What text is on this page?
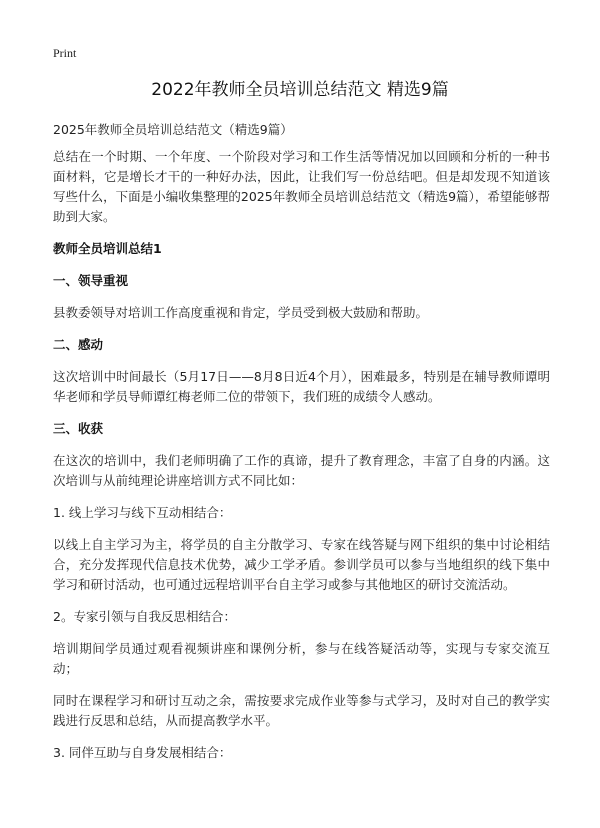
Print
2022年教师全员培训总结范文 精选9篇

2025年教师全员培训总结范文（精选9篇）

总结在一个时期、一个年度、一个阶段对学习和工作生活等情况加以回顾和分析的一种书面材料，它是增长才干的一种好办法，因此，让我们写一份总结吧。但是却发现不知道该写些什么，下面是小编收集整理的2025年教师全员培训总结范文（精选9篇），希望能够帮助到大家。

教师全员培训总结1

一、领导重视

县教委领导对培训工作高度重视和肯定，学员受到极大鼓励和帮助。

二、感动

这次培训中时间最长（5月17日——8月8日近4个月），困难最多，特别是在辅导教师谭明华老师和学员导师谭红梅老师二位的带领下，我们班的成绩令人感动。

三、收获

在这次的培训中，我们老师明确了工作的真谛，提升了教育理念，丰富了自身的内涵。这次培训与从前纯理论讲座培训方式不同比如：

1. 线上学习与线下互动相结合：

以线上自主学习为主，将学员的自主分散学习、专家在线答疑与网下组织的集中讨论相结合，充分发挥现代信息技术优势，减少工学矛盾。参训学员可以参与当地组织的线下集中学习和研讨活动，也可通过远程培训平台自主学习或参与其他地区的研讨交流活动。

2。专家引领与自我反思相结合：

培训期间学员通过观看视频讲座和课例分析，参与在线答疑活动等，实现与专家交流互动；

同时在课程学习和研讨互动之余，需按要求完成作业等参与式学习，及时对自己的教学实践进行反思和总结，从而提高教学水平。

3. 同伴互助与自身发展相结合：
